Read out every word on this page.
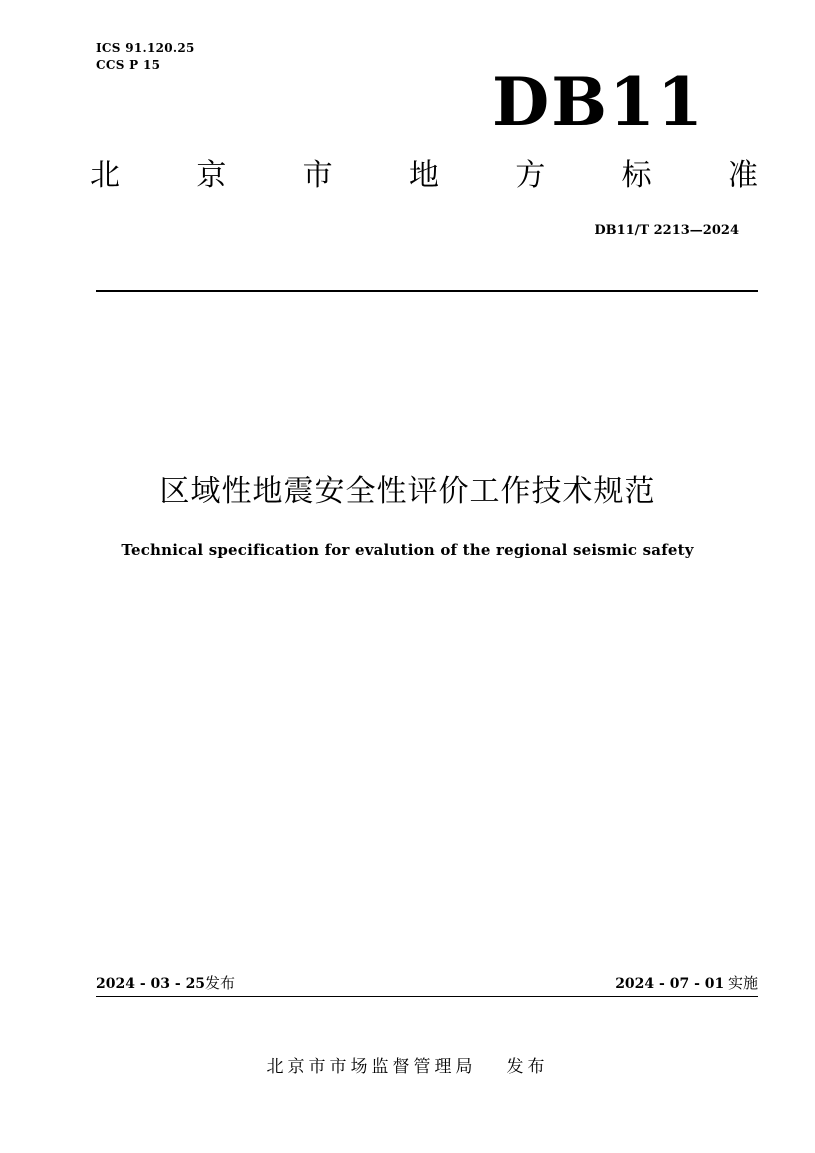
ICS 91.120.25
CCS P 15	DB11
北	京	市	地	方	标	准
DB11/T 2213—2024
区域性地震安全性评价工作技术规范
Technical specification for evalution of the regional seismic safety
2024 - 03 - 25发布	2024 - 07 - 01 实施
北京市市场监督管理局 发布
